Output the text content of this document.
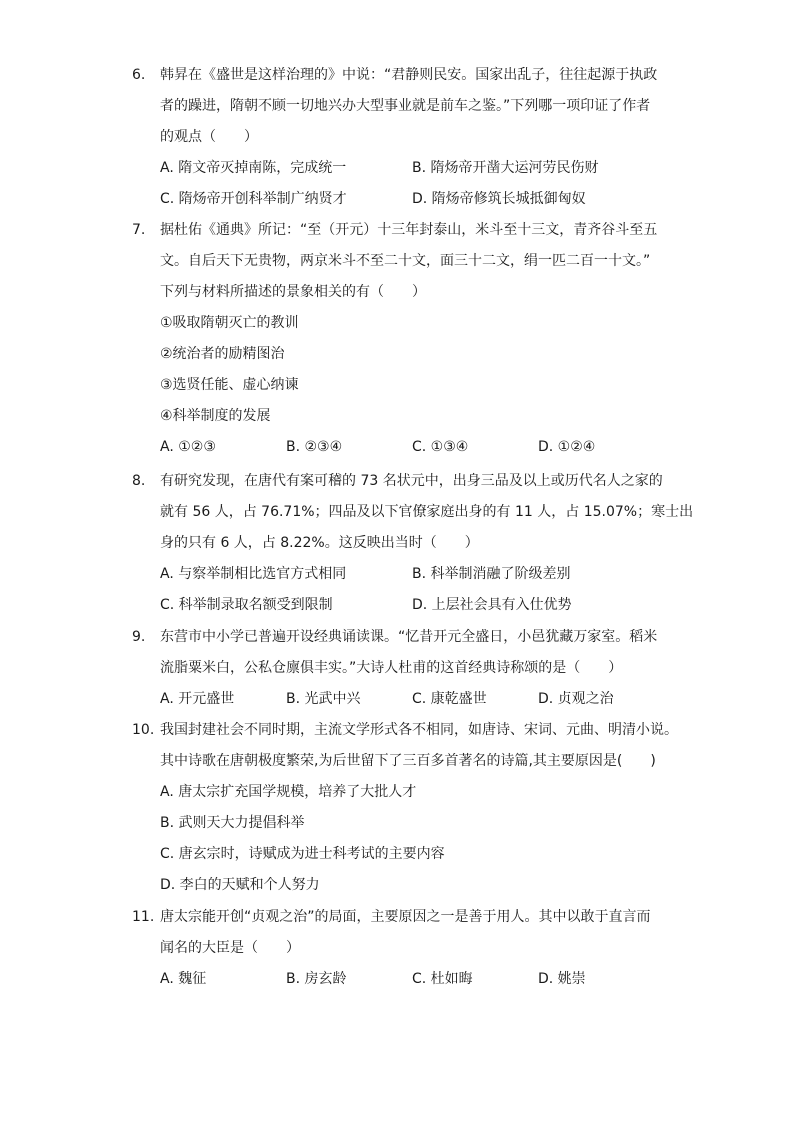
6.	韩昇在《盛世是这样治理的》中说：“君静则民安。国家出乱子，往往起源于执政
者的躁进，隋朝不顾一切地兴办大型事业就是前车之鉴。”下列哪一项印证了作者
的观点（　　）
A. 隋文帝灭掉南陈，完成统一	B. 隋炀帝开凿大运河劳民伤财
C. 隋炀帝开创科举制广纳贤才	D. 隋炀帝修筑长城抵御匈奴
7.	据杜佑《通典》所记：“至（开元）十三年封泰山，米斗至十三文，青齐谷斗至五
文。自后天下无贵物，两京米斗不至二十文，面三十二文，绢一匹二百一十文。”
下列与材料所描述的景象相关的有（　　）
①吸取隋朝灭亡的教训
②统治者的励精图治
③选贤任能、虚心纳谏
④科举制度的发展
A. ①②③	B. ②③④	C. ①③④	D. ①②④
8.	有研究发现，在唐代有案可稽的 73 名状元中，出身三品及以上或历代名人之家的
就有 56 人，占 76.71%；四品及以下官僚家庭出身的有 11 人，占 15.07%；寒士出
身的只有 6 人，占 8.22%。这反映出当时（　　）
A. 与察举制相比选官方式相同	B. 科举制消融了阶级差别
C. 科举制录取名额受到限制	D. 上层社会具有入仕优势
9.	东营市中小学已普遍开设经典诵读课。“忆昔开元全盛日，小邑犹藏万家室。稻米
流脂粟米白，公私仓廪俱丰实。”大诗人杜甫的这首经典诗称颂的是（　　）
A. 开元盛世	B. 光武中兴	C. 康乾盛世	D. 贞观之治
10. 我国封建社会不同时期，主流文学形式各不相同，如唐诗、宋词、元曲、明清小说。
其中诗歌在唐朝极度繁荣,为后世留下了三百多首著名的诗篇,其主要原因是(　　)
A. 唐太宗扩充国学规模，培养了大批人才
B. 武则天大力提倡科举
C. 唐玄宗时，诗赋成为进士科考试的主要内容
D. 李白的天赋和个人努力
11. 唐太宗能开创“贞观之治”的局面，主要原因之一是善于用人。其中以敢于直言而
闻名的大臣是（　　）
A. 魏征	B. 房玄龄	C. 杜如晦	D. 姚崇
